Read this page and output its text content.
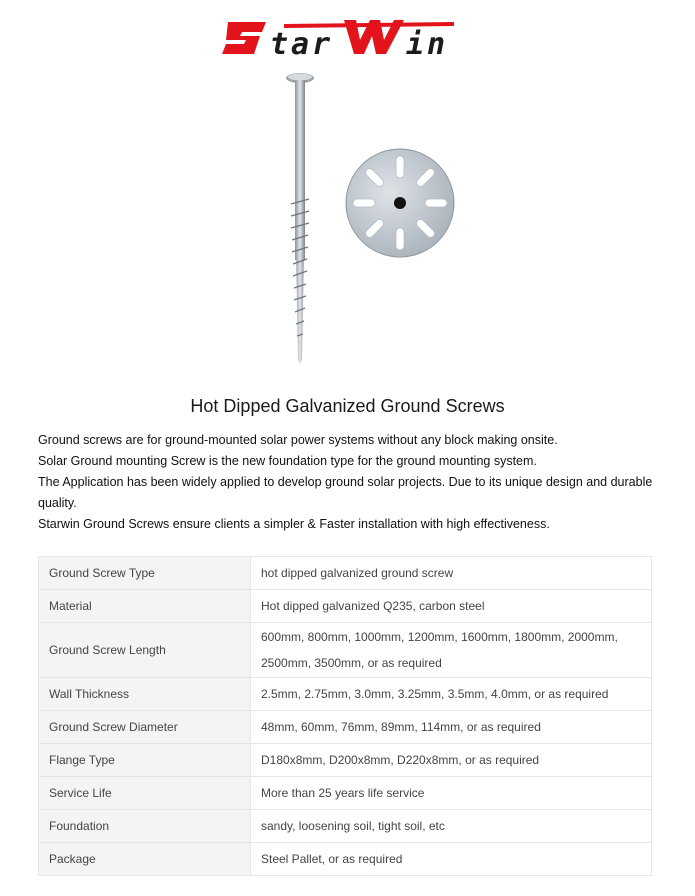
tar in
Hot Dipped Galvanized Ground Screws

Ground screws are for ground-mounted solar power systems without any block making onsite.

Solar Ground mounting Screw is the new foundation type for the ground mounting system.

The Application has been widely applied to develop ground solar projects. Due to its unique design and durable quality.

Starwin Ground Screws ensure clients a simpler & Faster installation with high effectiveness.

Ground Screw Type	hot dipped galvanized ground screw
Material	Hot dipped galvanized Q235, carbon steel
Ground Screw Length	600mm, 800mm, 1000mm, 1200mm, 1600mm, 1800mm, 2000mm, 2500mm, 3500mm, or as required
Wall Thickness	2.5mm, 2.75mm, 3.0mm, 3.25mm, 3.5mm, 4.0mm, or as required
Ground Screw Diameter	48mm, 60mm, 76mm, 89mm, 114mm, or as required
Flange Type	D180x8mm, D200x8mm, D220x8mm, or as required
Service Life	More than 25 years life service
Foundation	sandy, loosening soil, tight soil, etc
Package	Steel Pallet, or as required
